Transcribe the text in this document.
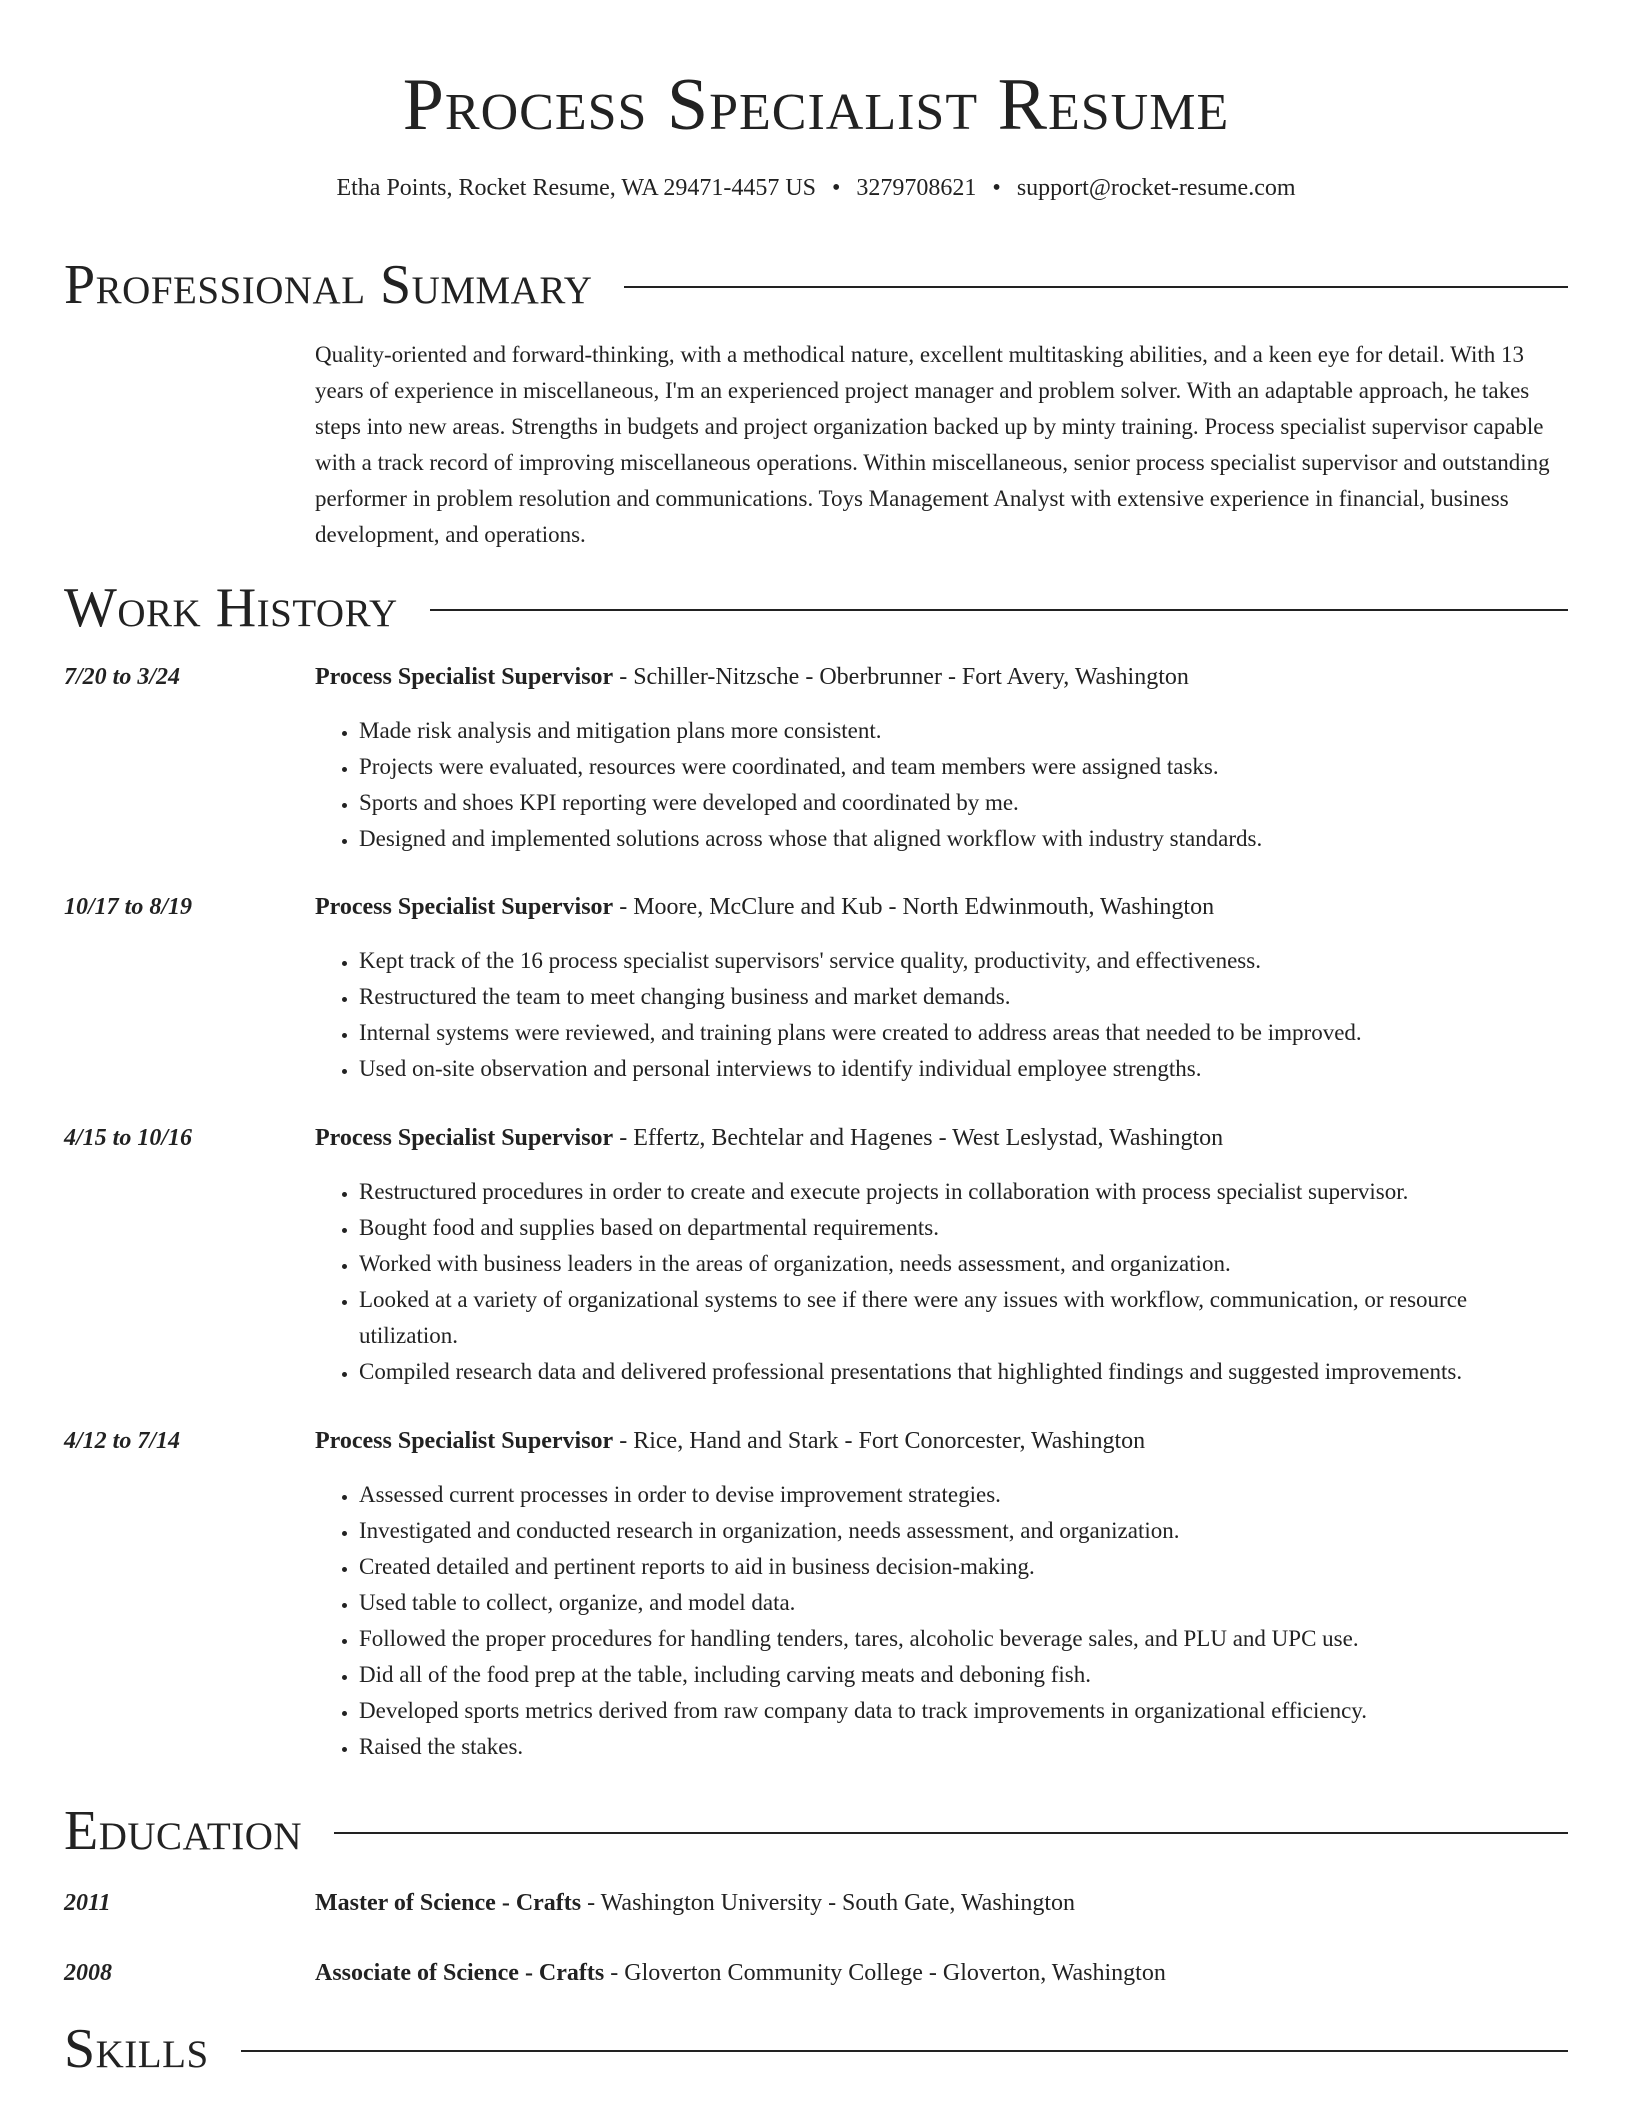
Process Specialist Resume
Etha Points, Rocket Resume, WA 29471-4457 US • 3279708621 • support@rocket-resume.com
Professional Summary

Quality-oriented and forward-thinking, with a methodical nature, excellent multitasking abilities, and a keen eye for detail. With 13 years of experience in miscellaneous, I'm an experienced project manager and problem solver. With an adaptable approach, he takes steps into new areas. Strengths in budgets and project organization backed up by minty training. Process specialist supervisor capable with a track record of improving miscellaneous operations. Within miscellaneous, senior process specialist supervisor and outstanding performer in problem resolution and communications. Toys Management Analyst with extensive experience in financial, business development, and operations.

Work History
7/20 to 3/24	Process Specialist Supervisor - Schiller-Nitzsche - Oberbrunner - Fort Avery, Washington
• Made risk analysis and mitigation plans more consistent.
• Projects were evaluated, resources were coordinated, and team members were assigned tasks.
• Sports and shoes KPI reporting were developed and coordinated by me.
• Designed and implemented solutions across whose that aligned workflow with industry standards.
10/17 to 8/19	Process Specialist Supervisor - Moore, McClure and Kub - North Edwinmouth, Washington
• Kept track of the 16 process specialist supervisors' service quality, productivity, and effectiveness.
• Restructured the team to meet changing business and market demands.
• Internal systems were reviewed, and training plans were created to address areas that needed to be improved.
• Used on-site observation and personal interviews to identify individual employee strengths.
4/15 to 10/16	Process Specialist Supervisor - Effertz, Bechtelar and Hagenes - West Leslystad, Washington
• Restructured procedures in order to create and execute projects in collaboration with process specialist supervisor.
• Bought food and supplies based on departmental requirements.
• Worked with business leaders in the areas of organization, needs assessment, and organization.
• Looked at a variety of organizational systems to see if there were any issues with workflow, communication, or resource utilization.
• Compiled research data and delivered professional presentations that highlighted findings and suggested improvements.
4/12 to 7/14	Process Specialist Supervisor - Rice, Hand and Stark - Fort Conorcester, Washington
• Assessed current processes in order to devise improvement strategies.
• Investigated and conducted research in organization, needs assessment, and organization.
• Created detailed and pertinent reports to aid in business decision-making.
• Used table to collect, organize, and model data.
• Followed the proper procedures for handling tenders, tares, alcoholic beverage sales, and PLU and UPC use.
• Did all of the food prep at the table, including carving meats and deboning fish.
• Developed sports metrics derived from raw company data to track improvements in organizational efficiency.
• Raised the stakes.
Education
2011	Master of Science - Crafts - Washington University - South Gate, Washington
2008	Associate of Science - Crafts - Gloverton Community College - Gloverton, Washington
Skills
